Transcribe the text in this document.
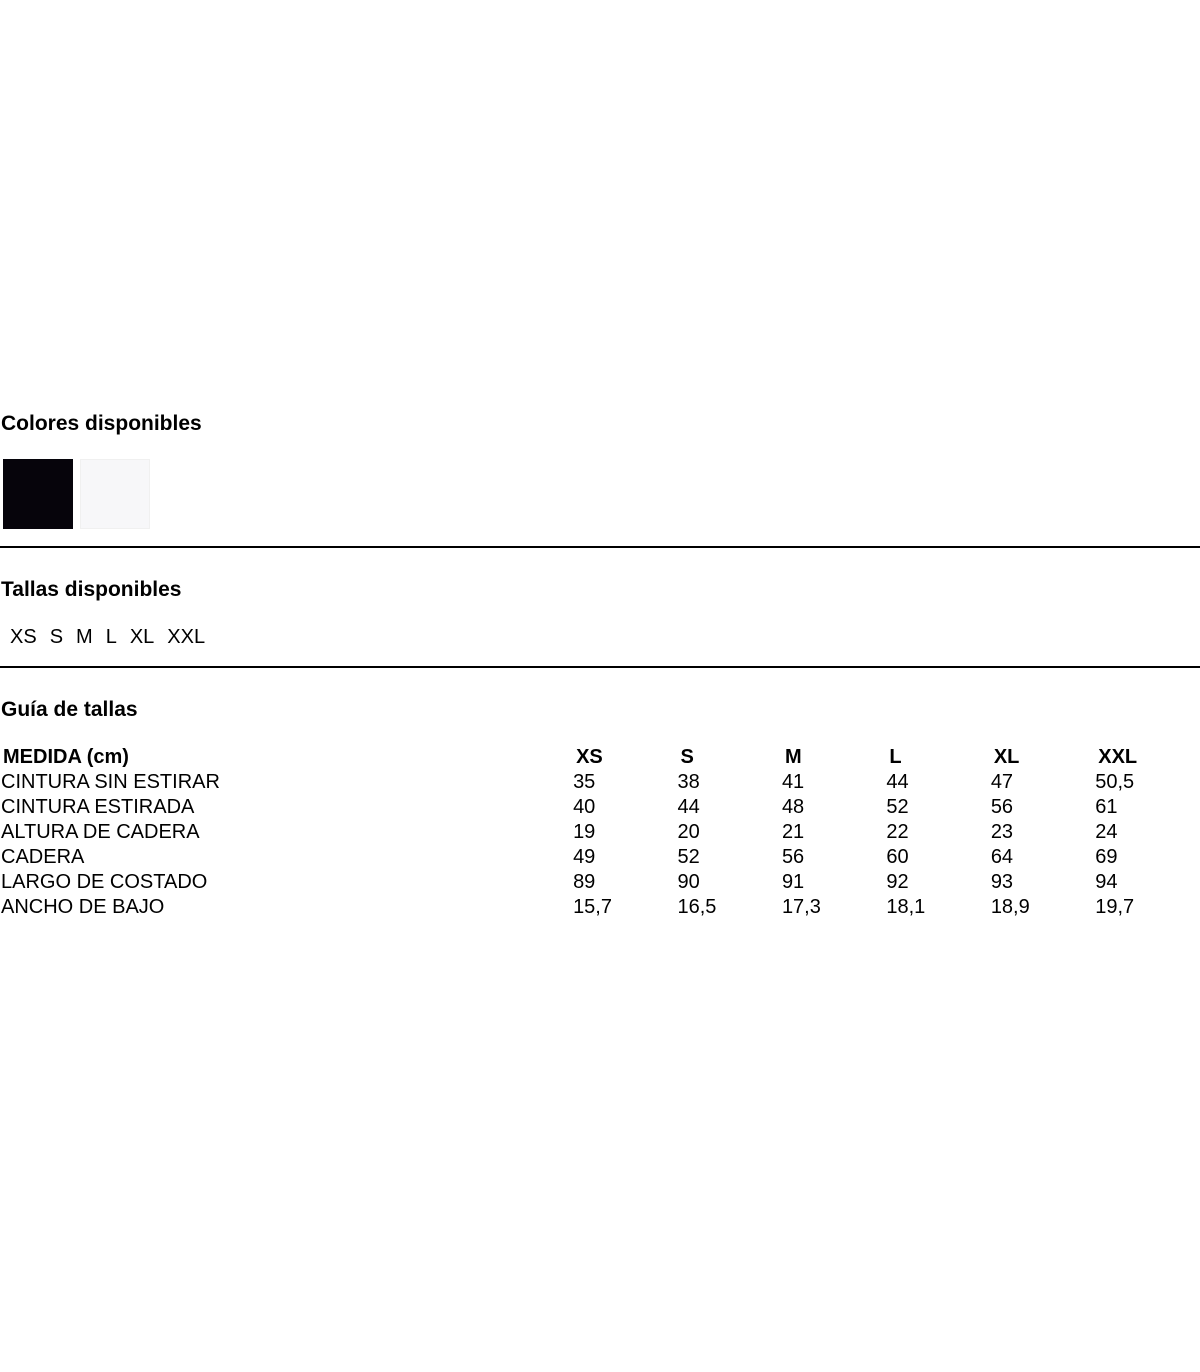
Colores disponibles
Tallas disponibles
XS S M L XL XXL
Guía de tallas
MEDIDA (cm)	XS	S	M	L	XL	XXL
CINTURA SIN ESTIRAR	35	38	41	44	47	50,5
CINTURA ESTIRADA	40	44	48	52	56	61
ALTURA DE CADERA	19	20	21	22	23	24
CADERA	49	52	56	60	64	69
LARGO DE COSTADO	89	90	91	92	93	94
ANCHO DE BAJO	15,7	16,5	17,3	18,1	18,9	19,7
